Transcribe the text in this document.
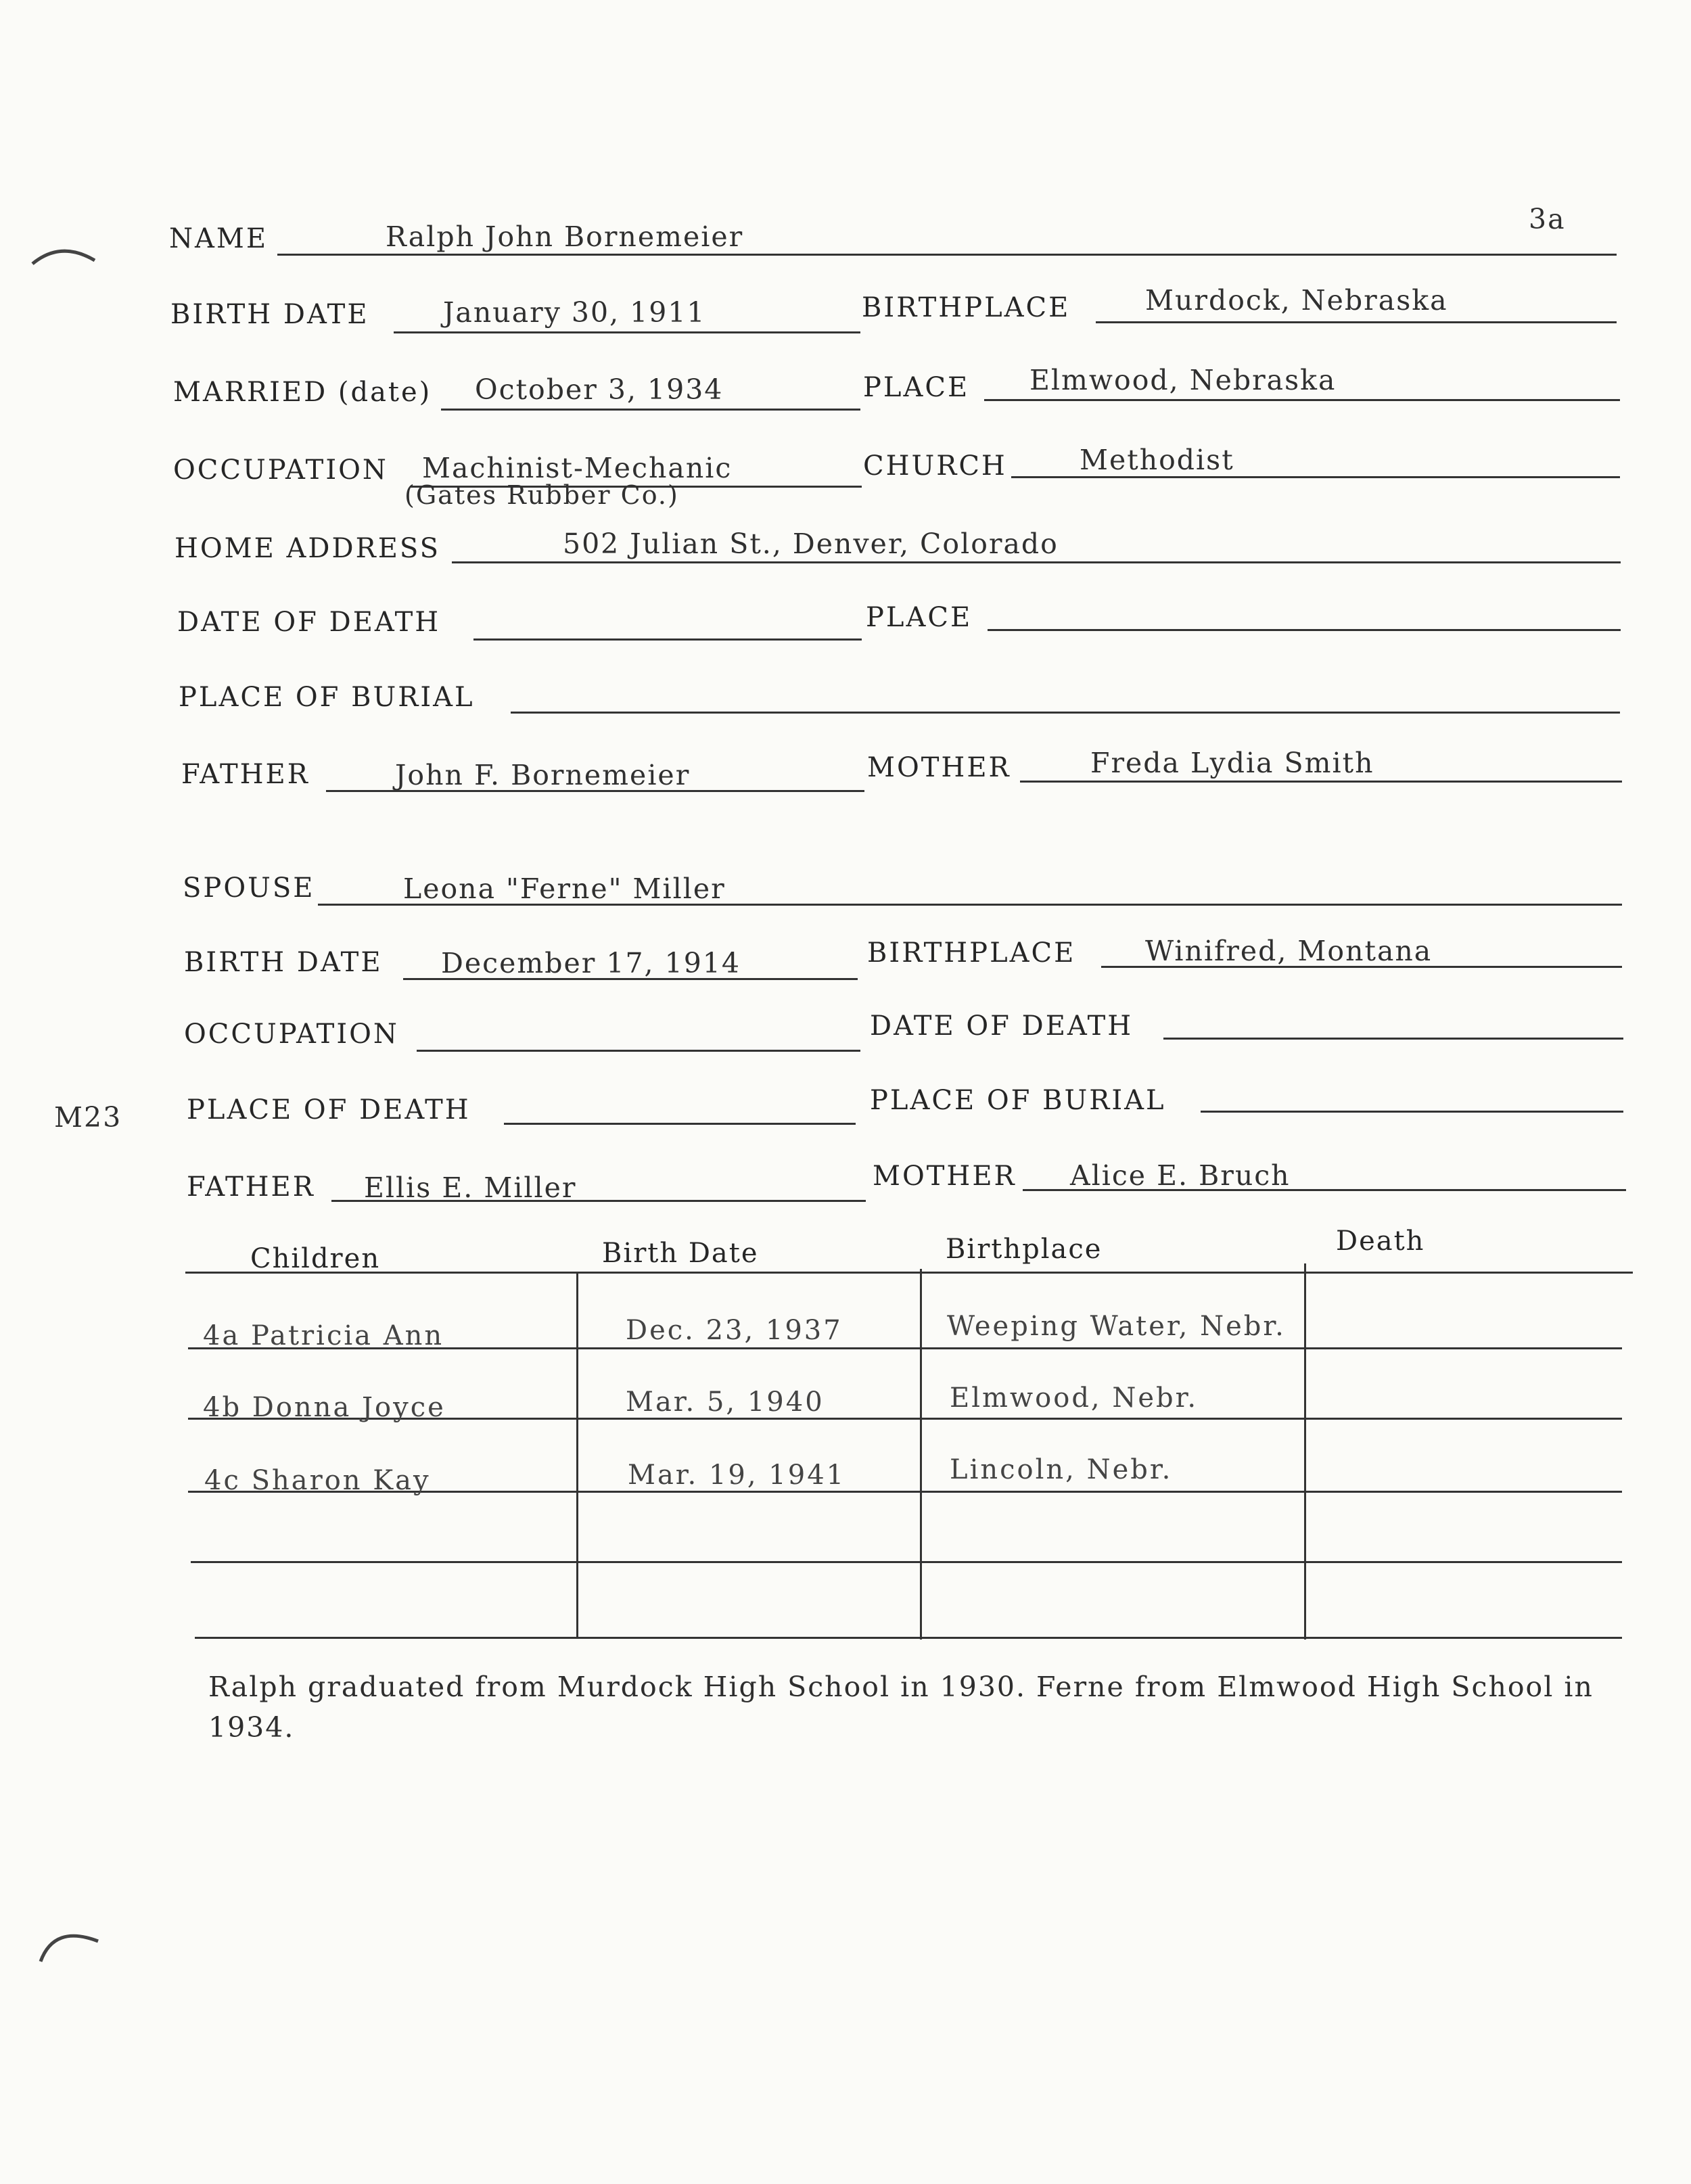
3a
M23
NAME	Ralph John Bornemeier
BIRTH DATE	January 30, 1911	BIRTHPLACE	Murdock, Nebraska
MARRIED (date) October 3, 1934	PLACE Elmwood, Nebraska
OCCUPATION Machinist-Mechanic
(Gates Rubber Co.)
CHURCH	Methodist
HOME ADDRESS	502 Julian St., Denver, Colorado
DATE OF DEATH	PLACE
PLACE OF BURIAL
FATHER	John F. Bornemeier	MOTHER	Freda Lydia Smith
SPOUSE	Leona "Ferne" Miller
BIRTH DATE December 17, 1914	BIRTHPLACE	Winifred, Montana
OCCUPATION	DATE OF DEATH
PLACE OF DEATH	PLACE OF BURIAL
FATHER Ellis E. Miller	MOTHER Alice E. Bruch
Children	Birth Date	Birthplace	Death
4a Patricia Ann	Dec. 23, 1937	Weeping Water, Nebr.
4b Donna Joyce	Mar. 5, 1940	Elmwood, Nebr.
4c Sharon Kay	Mar. 19, 1941	Lincoln, Nebr.
Ralph graduated from Murdock High School in 1930. Ferne from Elmwood High School in 1934.
